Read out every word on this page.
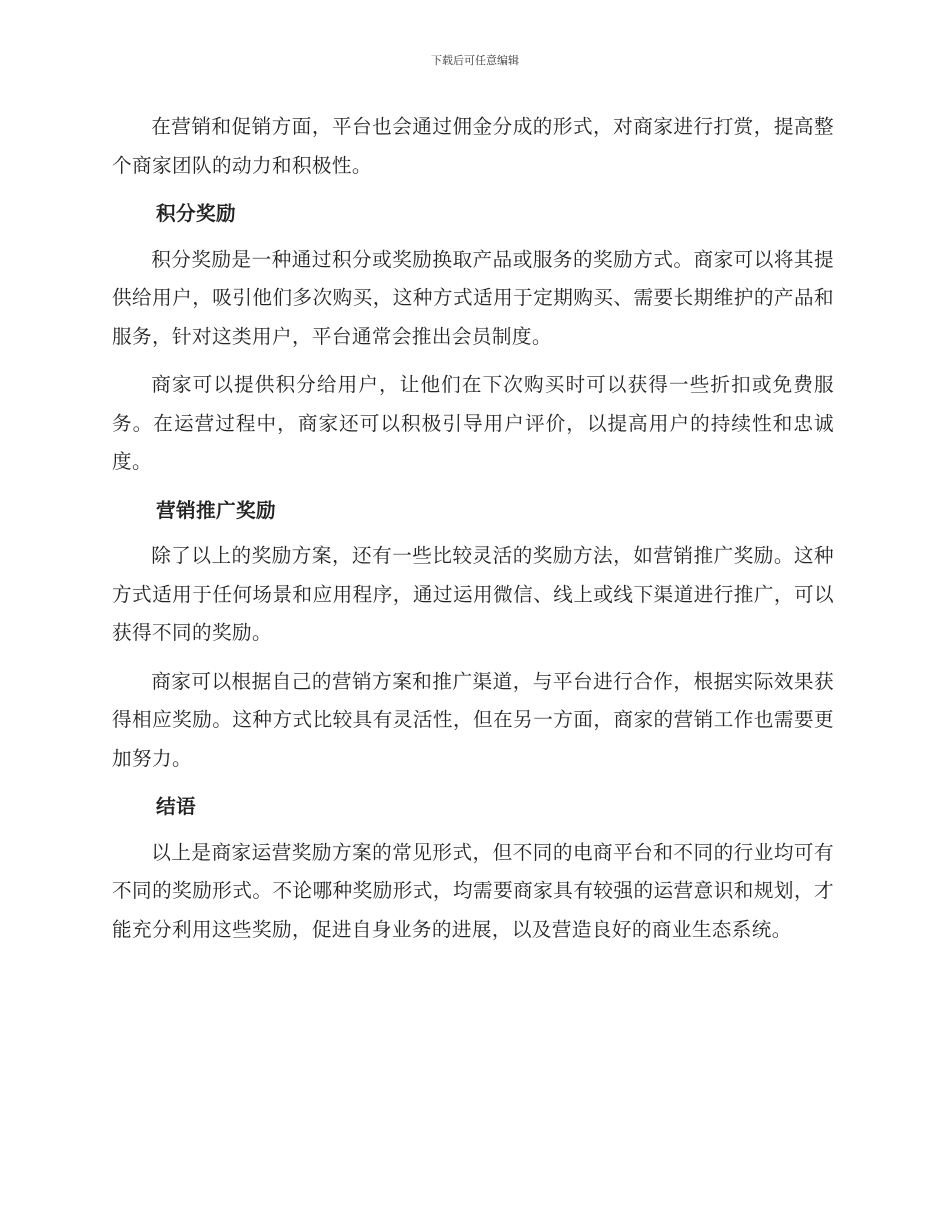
下载后可任意编辑

在营销和促销方面，平台也会通过佣金分成的形式，对商家进行打赏，提高整个商家团队的动力和积极性。

积分奖励

积分奖励是一种通过积分或奖励换取产品或服务的奖励方式。商家可以将其提供给用户，吸引他们多次购买，这种方式适用于定期购买、需要长期维护的产品和服务，针对这类用户，平台通常会推出会员制度。

商家可以提供积分给用户，让他们在下次购买时可以获得一些折扣或免费服务。在运营过程中，商家还可以积极引导用户评价，以提高用户的持续性和忠诚度。

营销推广奖励

除了以上的奖励方案，还有一些比较灵活的奖励方法，如营销推广奖励。这种方式适用于任何场景和应用程序，通过运用微信、线上或线下渠道进行推广，可以获得不同的奖励。

商家可以根据自己的营销方案和推广渠道，与平台进行合作，根据实际效果获得相应奖励。这种方式比较具有灵活性，但在另一方面，商家的营销工作也需要更加努力。

结语

以上是商家运营奖励方案的常见形式，但不同的电商平台和不同的行业均可有不同的奖励形式。不论哪种奖励形式，均需要商家具有较强的运营意识和规划，才能充分利用这些奖励，促进自身业务的进展，以及营造良好的商业生态系统。
